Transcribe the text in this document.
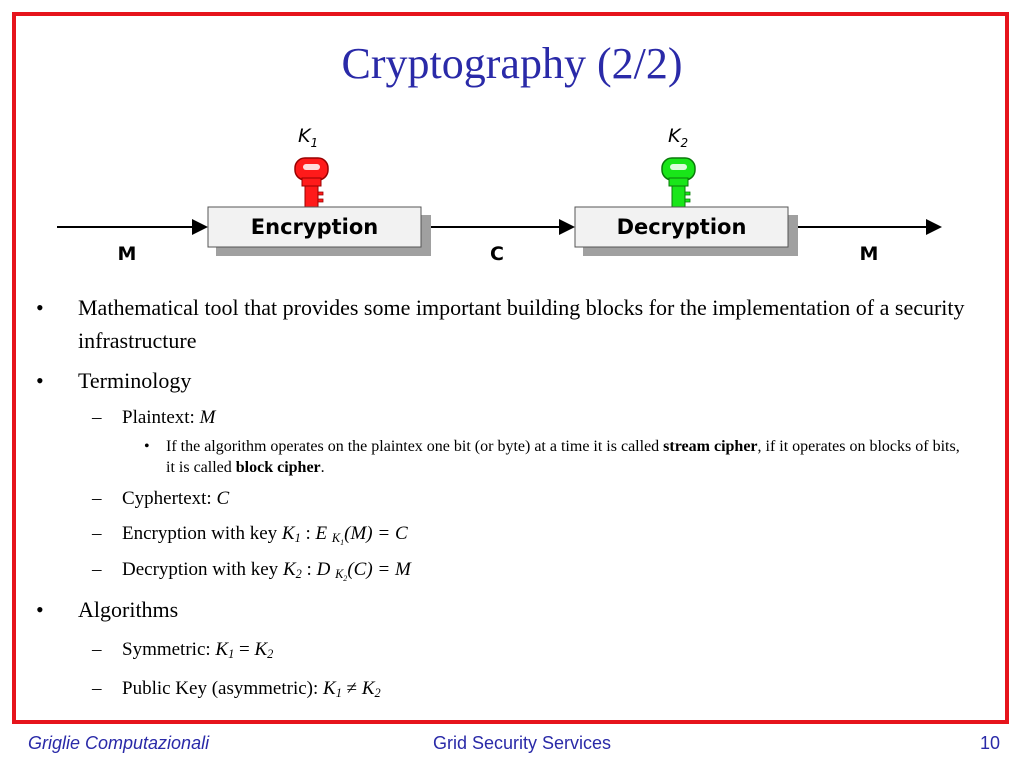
Cryptography (2/2)
$K_1$	$K_2$
Encryption	Decryption
M	C	M
• Mathematical tool that provides some important building blocks for the implementation of a security infrastructure
• Terminology
– Plaintext: M
• If the algorithm operates on the plaintex one bit (or byte) at a time it is called stream cipher, if it operates on blocks of bits, it is called block cipher.
– Cyphertext: C
– Encryption with key $K_1$ : E $_{K_1}$(M) = C
– Decryption with key $K_2$ : D $_{K_2}$(C) = M
• Algorithms
– Symmetric: $K_1 = K_2$
– Public Key (asymmetric): $K_1 \ne K_2$
Griglie Computazionali	Grid Security Services	10
